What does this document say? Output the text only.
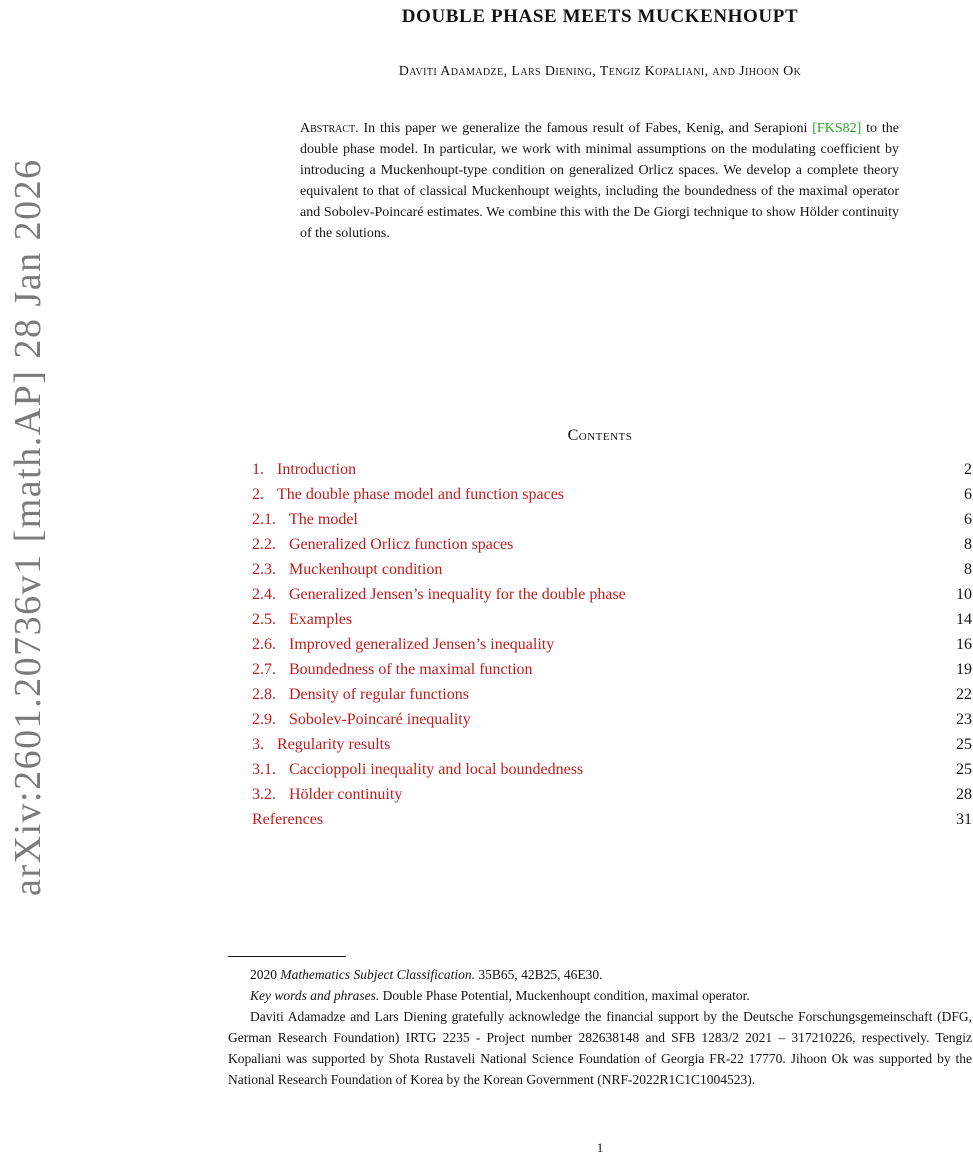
arXiv:2601.20736v1 [math.AP] 28 Jan 2026
DOUBLE PHASE MEETS MUCKENHOUPT
Daviti Adamadze, Lars Diening, Tengiz Kopaliani, and Jihoon Ok
Abstract. In this paper we generalize the famous result of Fabes, Kenig, and Serapioni [FKS82] to the double phase model. In particular, we work with minimal assumptions on the modulating coefficient by introducing a Muckenhoupt-type condition on generalized Orlicz spaces. We develop a complete theory equivalent to that of classical Muckenhoupt weights, including the boundedness of the maximal operator and Sobolev-Poincaré estimates. We combine this with the De Giorgi technique to show Hölder continuity of the solutions.
Contents
1. Introduction	2
2. The double phase model and function spaces	6
2.1. The model	6
2.2. Generalized Orlicz function spaces	8
2.3. Muckenhoupt condition	8
2.4. Generalized Jensen’s inequality for the double phase	10
2.5. Examples	14
2.6. Improved generalized Jensen’s inequality	16
2.7. Boundedness of the maximal function	19
2.8. Density of regular functions	22
2.9. Sobolev-Poincaré inequality	23
3. Regularity results	25
3.1. Caccioppoli inequality and local boundedness	25
3.2. Hölder continuity	28
References	31

2020 Mathematics Subject Classification. 35B65, 42B25, 46E30.

Key words and phrases. Double Phase Potential, Muckenhoupt condition, maximal operator.

Daviti Adamadze and Lars Diening gratefully acknowledge the financial support by the Deutsche Forschungsgemeinschaft (DFG, German Research Foundation) IRTG 2235 - Project number 282638148 and SFB 1283/2 2021 – 317210226, respectively. Tengiz Kopaliani was supported by Shota Rustaveli National Science Foundation of Georgia FR-22 17770. Jihoon Ok was supported by the National Research Foundation of Korea by the Korean Government (NRF-2022R1C1C1004523).

1
